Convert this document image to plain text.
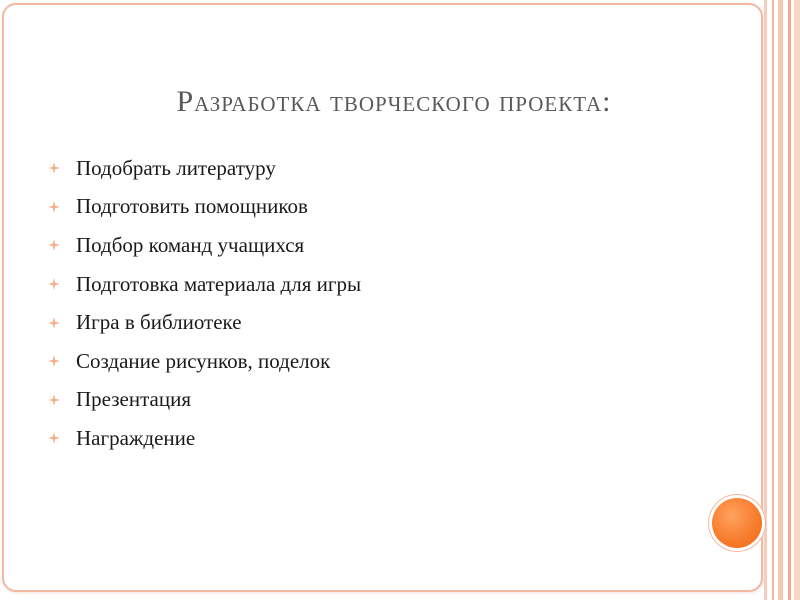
Разработка творческого проекта:
Подобрать литературу
Подготовить помощников
Подбор команд учащихся
Подготовка материала для игры
Игра в библиотеке
Создание рисунков, поделок
Презентация
Награждение
